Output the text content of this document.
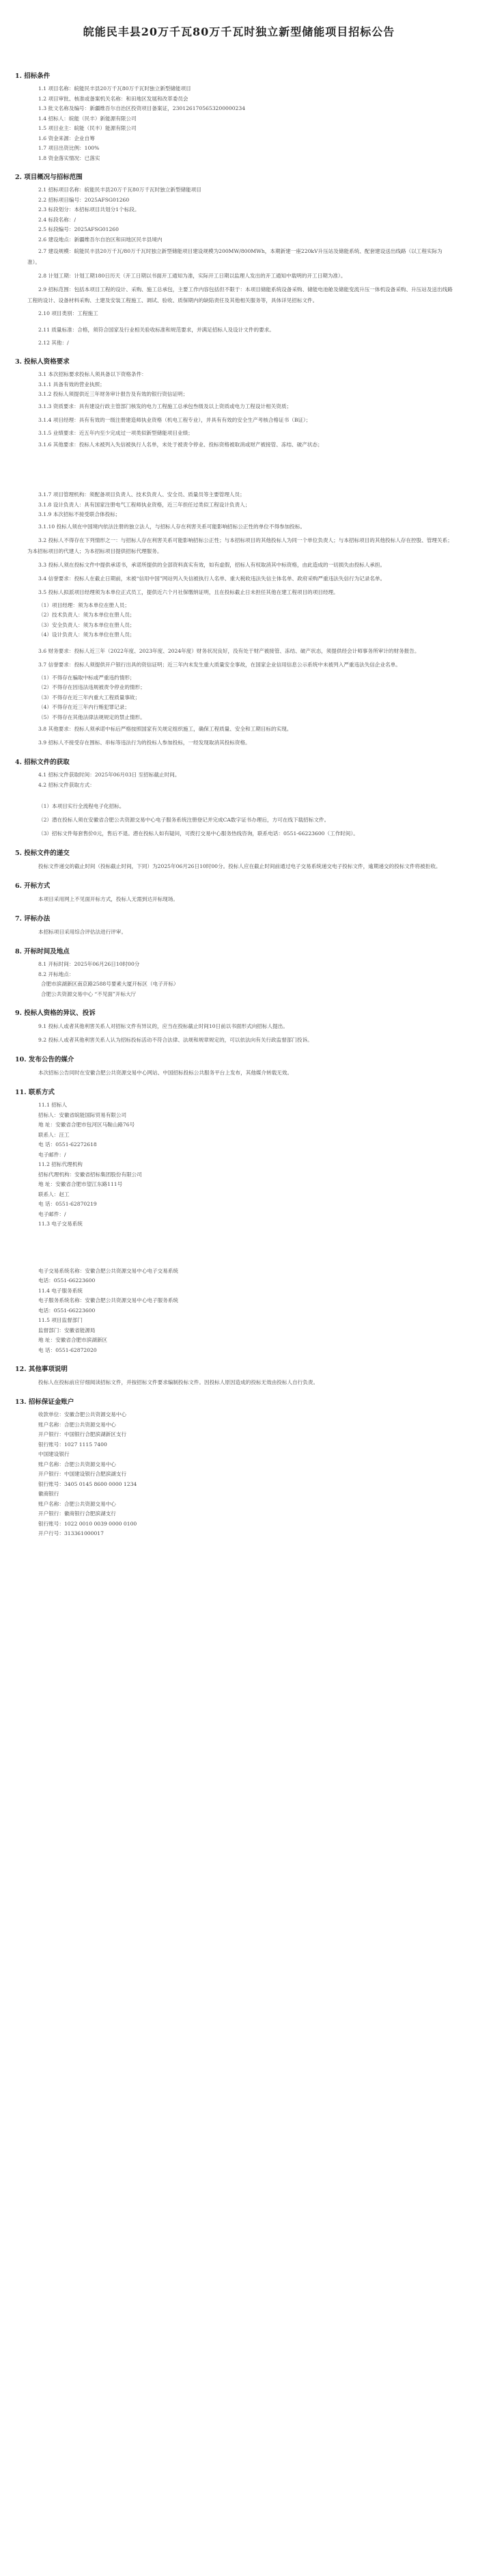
皖能民丰县20万千瓦80万千瓦时独立新型储能项目招标公告
1. 招标条件
1.1 项目名称：皖能民丰县20万千瓦80万千瓦时独立新型储能项目
1.2 项目审批、核准或备案机关名称：和田地区发展和改革委员会
1.3 批文名称及编号：新疆维吾尔自治区投资项目备案证，2301261705653200000234
1.4 招标人：皖能（民丰）新能源有限公司
1.5 项目业主：皖能（民丰）能源有限公司
1.6 资金来源：企业自筹
1.7 项目出资比例：100%
1.8 资金落实情况：已落实
2. 项目概况与招标范围
2.1 招标项目名称：皖能民丰县20万千瓦80万千瓦时独立新型储能项目
2.2 招标项目编号：2025AFSG01260
2.3 标段划分：本招标项目共划分1个标段。
2.4 标段名称：/
2.5 标段编号：2025AFSG01260
2.6 建设地点：新疆维吾尔自治区和田地区民丰县境内
2.7 建设规模：皖能民丰县20万千瓦/80万千瓦时独立新型储能项目建设规模为200MW/800MWh，本期新建一座220kV升压站及储能系统、配套建设送出线路（以工程实际为准）。
2.8 计划工期：计划工期180日历天（开工日期以书面开工通知为准，实际开工日期以监理人发出的开工通知中载明的开工日期为准）。
2.9 招标范围：包括本项目工程的设计、采购、施工总承包，主要工作内容包括但不限于：本项目储能系统设备采购、储能电池舱及储能变流升压一体机设备采购、升压站及送出线路工程的设计、设备材料采购、土建及安装工程施工、调试、验收、质保期内的缺陷责任及其他相关服务等，具体详见招标文件。
2.10 项目类别：工程施工
2.11 质量标准：合格，须符合国家及行业相关验收标准和规范要求，并满足招标人及设计文件的要求。
2.12 其他：/
3. 投标人资格要求
3.1 本次招标要求投标人须具备以下资格条件：
3.1.1 具备有效的营业执照；
3.1.2 投标人须提供近三年财务审计报告及有效的银行资信证明；
3.1.3 资质要求：具有建设行政主管部门核发的电力工程施工总承包叁级及以上资质或电力工程设计相关资质；
3.1.4 项目经理：具有有效的一级注册建造师执业资格（机电工程专业），并具有有效的安全生产考核合格证书（B证）；
3.1.5 业绩要求：近五年内至少完成过一项类似新型储能项目业绩；
3.1.6 其他要求：投标人未被列入失信被执行人名单，未处于被责令停业、投标资格被取消或财产被接管、冻结、破产状态；
3.1.7 项目管理机构：须配备项目负责人、技术负责人、安全员、质量员等主要管理人员；
3.1.8 设计负责人：具有国家注册电气工程师执业资格，近三年担任过类似工程设计负责人；
3.1.9 本次招标不接受联合体投标；
3.1.10 投标人须在中国境内依法注册的独立法人，与招标人存在利害关系可能影响招标公正性的单位不得参加投标。
3.2 投标人不得存在下列情形之一：与招标人存在利害关系可能影响招标公正性；与本招标项目的其他投标人为同一个单位负责人；与本招标项目的其他投标人存在控股、管理关系；为本招标项目的代建人；为本招标项目提供招标代理服务。
3.3 投标人须在投标文件中提供承诺书，承诺所提供的全部资料真实有效，如有虚假，招标人有权取消其中标资格，由此造成的一切损失由投标人承担。
3.4 信誉要求：投标人在截止日期前，未被“信用中国”网站列入失信被执行人名单、重大税收违法失信主体名单、政府采购严重违法失信行为记录名单。
3.5 投标人拟派项目经理须为本单位正式员工，提供近六个月社保缴纳证明，且在投标截止日未担任其他在建工程项目的项目经理。
（1）项目经理：须为本单位在册人员；
（2）技术负责人：须为本单位在册人员；
（3）安全负责人：须为本单位在册人员；
（4）设计负责人：须为本单位在册人员；
3.6 财务要求：投标人近三年（2022年度、2023年度、2024年度）财务状况良好，没有处于财产被接管、冻结、破产状态，须提供经会计师事务所审计的财务报告。
3.7 信誉要求：投标人须提供开户银行出具的资信证明；近三年内未发生重大质量安全事故，在国家企业信用信息公示系统中未被列入严重违法失信企业名单。
（1）不得存在骗取中标或严重违约情形；
（2）不得存在因违法违规被责令停业的情形；
（3）不得存在近三年内重大工程质量事故；
（4）不得存在近三年内行贿犯罪记录；
（5）不得存在其他法律法规规定的禁止情形。
3.8 其他要求：投标人须承诺中标后严格按照国家有关规定组织施工，确保工程质量、安全和工期目标的实现。
3.9 招标人不接受存在围标、串标等违法行为的投标人参加投标，一经发现取消其投标资格。
4. 招标文件的获取
4.1 招标文件获取时间：2025年06月03日 至招标截止时间。
4.2 招标文件获取方式：
（1）本项目实行全流程电子化招标。
（2）潜在投标人须在安徽省合肥公共资源交易中心电子服务系统注册登记并完成CA数字证书办理后，方可在线下载招标文件。
（3）招标文件每套售价0元，售后不退。潜在投标人如有疑问，可拨打交易中心服务热线咨询，联系电话：0551-66223600（工作时间）。
5. 投标文件的递交
投标文件递交的截止时间（投标截止时间，下同）为2025年06月26日10时00分。投标人应在截止时间前通过电子交易系统递交电子投标文件，逾期递交的投标文件将被拒收。
6. 开标方式
本项目采用网上不见面开标方式，投标人无需到达开标现场。
7. 评标办法
本招标项目采用综合评估法进行评审。
8. 开标时间及地点
8.1 开标时间：2025年06月26日10时00分
8.2 开标地点：
合肥市滨湖新区南京路2588号要素大厦开标区（电子开标）
合肥公共资源交易中心 “不见面”开标大厅
9. 投标人资格的异议、投诉
9.1 投标人或者其他利害关系人对招标文件有异议的，应当在投标截止时间10日前以书面形式向招标人提出。
9.2 投标人或者其他利害关系人认为招标投标活动不符合法律、法规和规章规定的，可以依法向有关行政监督部门投诉。
10. 发布公告的媒介
本次招标公告同时在安徽合肥公共资源交易中心网站、中国招标投标公共服务平台上发布，其他媒介转载无效。
11. 联系方式
11.1 招标人
招标人：安徽省皖能国际贸易有限公司
地 址：安徽省合肥市包河区马鞍山路76号
联系人：汪工
电 话：0551-62272618
电子邮件：/
11.2 招标代理机构
招标代理机构：安徽省招标集团股份有限公司
地 址：安徽省合肥市望江东路111号
联系人：赵工
电 话：0551-62870219
电子邮件：/
11.3 电子交易系统
电子交易系统名称：安徽合肥公共资源交易中心电子交易系统
电话：0551-66223600
11.4 电子服务系统
电子服务系统名称：安徽合肥公共资源交易中心电子服务系统
电话：0551-66223600
11.5 项目监督部门
监督部门：安徽省能源局
地 址：安徽省合肥市滨湖新区
电 话：0551-62872020
12. 其他事项说明
投标人在投标前应仔细阅读招标文件，并按招标文件要求编制投标文件。因投标人原因造成的投标无效由投标人自行负责。
13. 招标保证金账户
收款单位：安徽合肥公共资源交易中心
账户名称：合肥公共资源交易中心
开户银行：中国银行合肥滨湖新区支行
银行账号：1027 1115 7400
中国建设银行
账户名称：合肥公共资源交易中心
开户银行：中国建设银行合肥滨湖支行
银行账号：3405 0145 8600 0000 1234
徽商银行
账户名称：合肥公共资源交易中心
开户银行：徽商银行合肥滨湖支行
银行账号：1022 0010 0039 0000 0100
开户行号：313361000017
